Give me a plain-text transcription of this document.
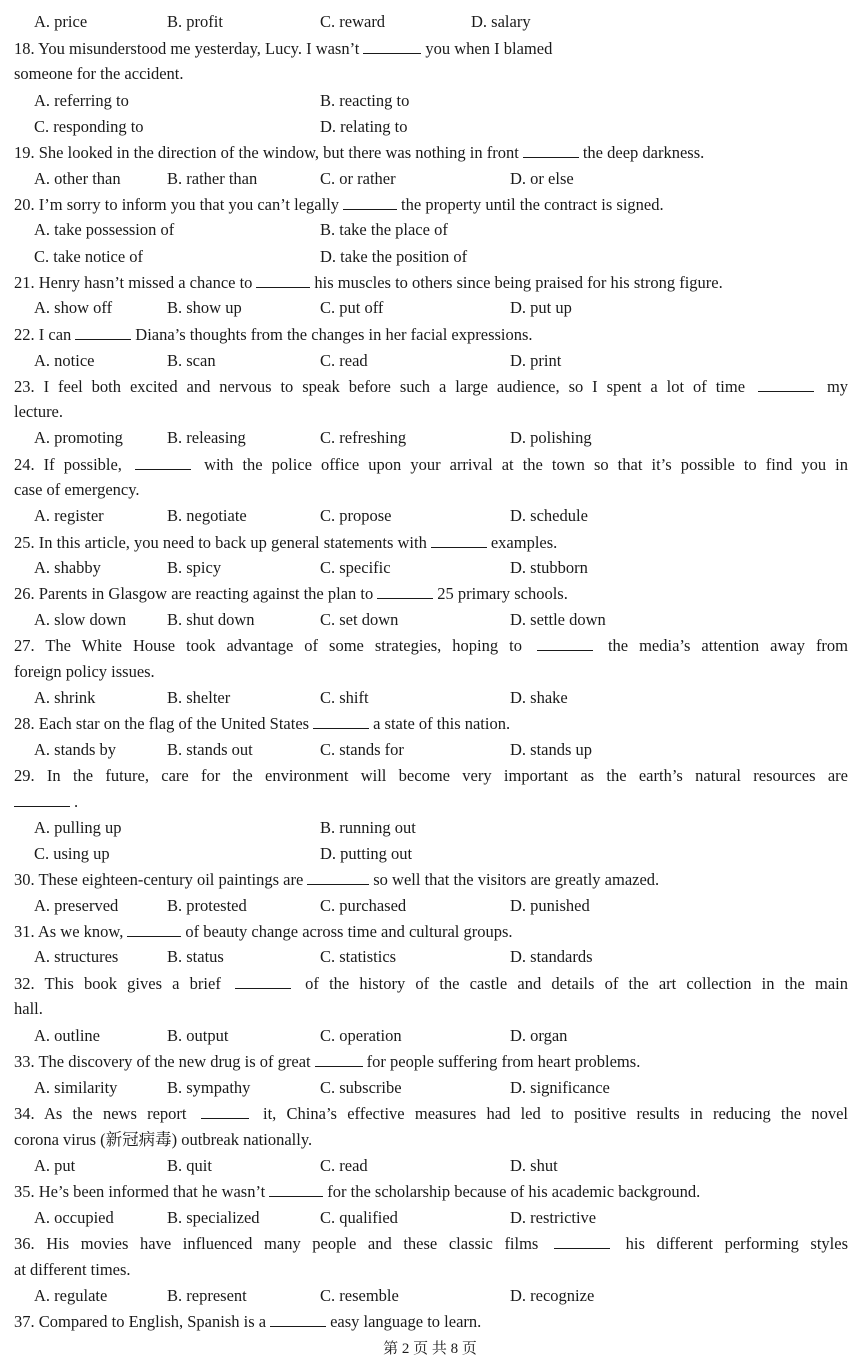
A. price	B. profit	C. reward	D. salary
18. You misunderstood me yesterday, Lucy. I wasn’t	you when I blamed
someone for the accident.
A. referring to	B. reacting to
C. responding to	D. relating to
19. She looked in the direction of the window, but there was nothing in front	the deep darkness.
A. other than	B. rather than	C. or rather	D. or else
20. I’m sorry to inform you that you can’t legally	the property until the contract is signed.
A. take possession of	B. take the place of
C. take notice of	D. take the position of
21. Henry hasn’t missed a chance to	his muscles to others since being praised for his strong figure.
A. show off	B. show up	C. put off	D. put up
22. I can	Diana’s thoughts from the changes in her facial expressions.
A. notice	B. scan	C. read	D. print
23. I feel both excited and nervous to speak before such a large audience, so I spent a lot of time	my
lecture.
A. promoting	B. releasing	C. refreshing	D. polishing
24. If possible,	with the police office upon your arrival at the town so that it’s possible to find you in
case of emergency.
A. register	B. negotiate	C. propose	D. schedule
25. In this article, you need to back up general statements with	examples.
A. shabby	B. spicy	C. specific	D. stubborn
26. Parents in Glasgow are reacting against the plan to	25 primary schools.
A. slow down B. shut down	C. set down	D. settle down
27. The White House took advantage of some strategies, hoping to	the media’s attention away from
foreign policy issues.
A. shrink	B. shelter	C. shift	D. shake
28. Each star on the flag of the United States	a state of this nation.
A. stands by	B. stands out	C. stands for	D. stands up
29. In the future, care for the environment will become very important as the earth’s natural resources are
.
A. pulling up	B. running out
C. using up	D. putting out
30. These eighteen-century oil paintings are	so well that the visitors are greatly amazed.
A. preserved	B. protested	C. purchased	D. punished
31. As we know,	of beauty change across time and cultural groups.
A. structures	B. status	C. statistics	D. standards
32. This book gives a brief	of the history of the castle and details of the art collection in the main
hall.
A. outline	B. output	C. operation	D. organ
33. The discovery of the new drug is of great	for people suffering from heart problems.
A. similarity	B. sympathy	C. subscribe	D. significance
34. As the news report	it, China’s effective measures had led to positive results in reducing the novel
corona virus (新冠病毒) outbreak nationally.
A. put	B. quit	C. read	D. shut
35. He’s been informed that he wasn’t	for the scholarship because of his academic background.
A. occupied	B. specialized	C. qualified	D. restrictive
36. His movies have influenced many people and these classic films	his different performing styles
at different times.
A. regulate	B. represent	C. resemble	D. recognize
37. Compared to English, Spanish is a	easy language to learn.
第 2 页 共 8 页
